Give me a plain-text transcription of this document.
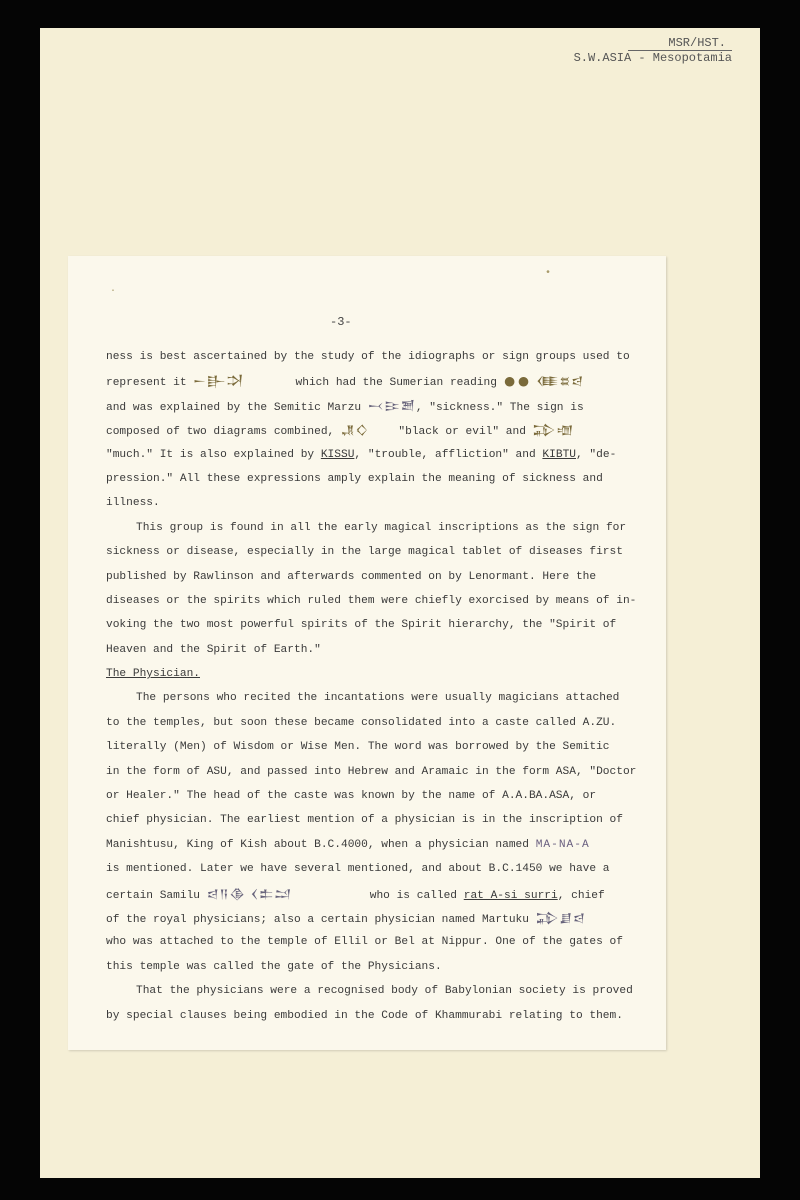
MSR/HST.
S.W.ASIA - Mesopotamia
·
•
-3-
ness is best ascertained by the study of the idiographs or sign groups used to
represent it 𒀸𒃲𒋫	which had the Sumerian reading 𒊹𒊹 𒈪𒊺𒁀
and was explained by the Semitic Marzu 𒁁𒄿𒍪, "sickness." The sign is
composed of two diagrams combined, 𒂗𒄭	"black or evil" and 𒁉𒌝
"much." It is also explained by KISSU, "trouble, affliction" and KIBTU, "de-
pression." All these expressions amply explain the meaning of sickness and
illness.
This group is found in all the early magical inscriptions as the sign for
sickness or disease, especially in the large magical tablet of diseases first
published by Rawlinson and afterwards commented on by Lenormant. Here the
diseases or the spirits which ruled them were chiefly exorcised by means of in-
voking the two most powerful spirits of the Spirit hierarchy, the "Spirit of
Heaven and the Spirit of Earth."
The Physician.
The persons who recited the incantations were usually magicians attached
to the temples, but soon these became consolidated into a caste called A.ZU.
literally (Men) of Wisdom or Wise Men. The word was borrowed by the Semitic
in the form of ASU, and passed into Hebrew and Aramaic in the form ASA, "Doctor
or Healer." The head of the caste was known by the name of A.A.BA.ASA, or
chief physician. The earliest mention of a physician is in the inscription of
Manishtusu, King of Kish about B.C.4000, when a physician named MA-NA-A
is mentioned. Later we have several mentioned, and about B.C.1450 we have a
certain Samilu 𒁀𒀀𒆠 𒌋𒉺𒁺	who is called rat A-si surri, chief
of the royal physicians; also a certain physician named Martuku 𒁉𒋗𒁀
who was attached to the temple of Ellil or Bel at Nippur. One of the gates of
this temple was called the gate of the Physicians.
That the physicians were a recognised body of Babylonian society is proved
by special clauses being embodied in the Code of Khammurabi relating to them.
